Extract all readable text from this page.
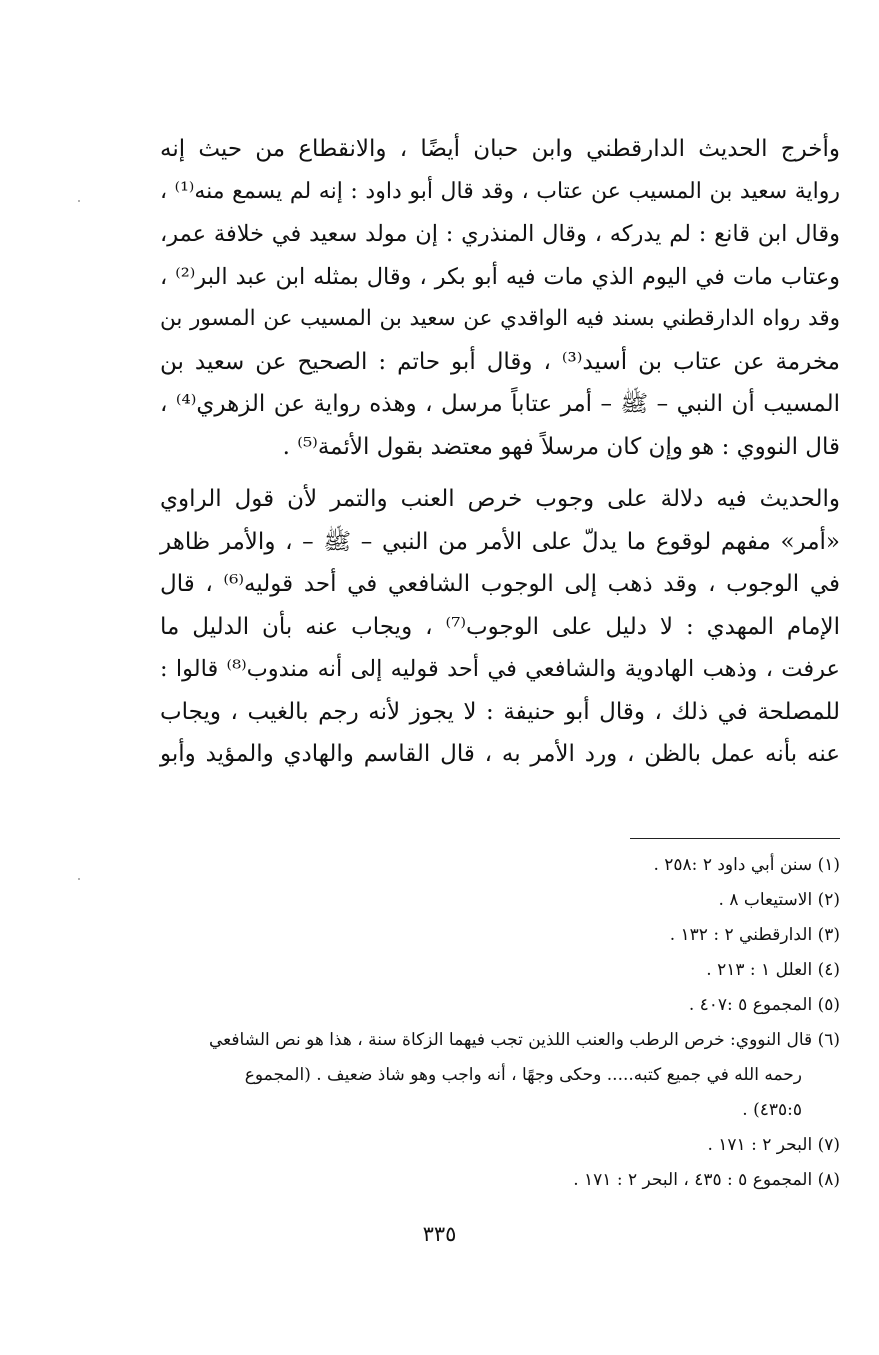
وأخرج الحديث الدارقطني وابن حبان أيضًا ، والانقطاع من حيث إنه
رواية سعيد بن المسيب عن عتاب ، وقد قال أبو داود : إنه لم يسمع منه⁽¹⁾ ،
وقال ابن قانع : لم يدركه ، وقال المنذري : إن مولد سعيد في خلافة عمر،
وعتاب مات في اليوم الذي مات فيه أبو بكر ، وقال بمثله ابن عبد البر⁽²⁾ ،
وقد رواه الدارقطني بسند فيه الواقدي عن سعيد بن المسيب عن المسور بن
مخرمة عن عتاب بن أسيد⁽³⁾ ، وقال أبو حاتم : الصحيح عن سعيد بن
المسيب أن النبي – ﷺ – أمر عتاباً مرسل ، وهذه رواية عن الزهري⁽⁴⁾ ،
قال النووي : هو وإن كان مرسلاً فهو معتضد بقول الأئمة⁽⁵⁾ .
والحديث فيه دلالة على وجوب خرص العنب والتمر لأن قول الراوي
«أمر» مفهم لوقوع ما يدلّ على الأمر من النبي – ﷺ – ، والأمر ظاهر
في الوجوب ، وقد ذهب إلى الوجوب الشافعي في أحد قوليه⁽⁶⁾ ، قال
الإمام المهدي : لا دليل على الوجوب⁽⁷⁾ ، ويجاب عنه بأن الدليل ما
عرفت ، وذهب الهادوية والشافعي في أحد قوليه إلى أنه مندوب⁽⁸⁾ قالوا :
للمصلحة في ذلك ، وقال أبو حنيفة : لا يجوز لأنه رجم بالغيب ، ويجاب
عنه بأنه عمل بالظن ، ورد الأمر به ، قال القاسم والهادي والمؤيد وأبو
(١) سنن أبي داود ٢ :٢٥٨ .
(٢) الاستيعاب ٨ .
(٣) الدارقطني ٢ : ١٣٢ .
(٤) العلل ١ : ٢١٣ .
(٥) المجموع ٥ :٤٠٧ .
(٦) قال النووي: خرص الرطب والعنب اللذين تجب فيهما الزكاة سنة ، هذا هو نص الشافعي
رحمه الله في جميع كتبه..... وحكى وجهًا ، أنه واجب وهو شاذ ضعيف . (المجموع
٤٣٥:٥) .
(٧) البحر ٢ : ١٧١ .
(٨) المجموع ٥ : ٤٣٥ ، البحر ٢ : ١٧١ .
٣٣٥
